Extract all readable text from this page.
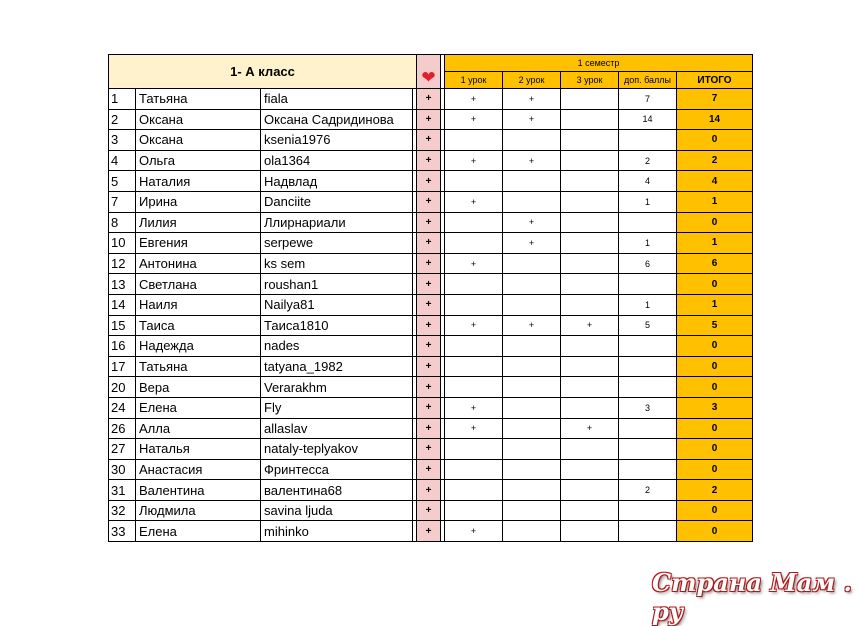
1- А класс				❤		1 семестр				
						1 урок	2 урок	3 урок	доп. баллы	ИТОГО
1	Татьяна	fiala		+		+	+		7	7
2	Оксана	Оксана Садридинова		+		+	+		14	14
3	Оксана	ksenia1976		+						0
4	Ольга	ola1364		+		+	+		2	2
5	Наталия	Надвлад		+					4	4
7	Ирина	Danciite		+		+			1	1
8	Лилия	Ллирнариали		+			+			0
10	Евгения	serpewe		+			+		1	1
12	Антонина	ks sem		+		+			6	6
13	Светлана	roushan1		+						0
14	Наиля	Nailya81		+					1	1
15	Таиса	Таиса1810		+		+	+	+	5	5
16	Надежда	nades		+						0
17	Татьяна	tatyana_1982		+						0
20	Вера	Verarakhm		+						0
24	Елена	Fly		+		+			3	3
26	Алла	allaslav		+		+		+		0
27	Наталья	nataly-teplyakov		+						0
30	Анастасия	Фринтесса		+						0
31	Валентина	валентина68		+					2	2
32	Людмила	savina ljuda		+						0
33	Елена	mihinko		+		+				0
Страна Мам . ру
